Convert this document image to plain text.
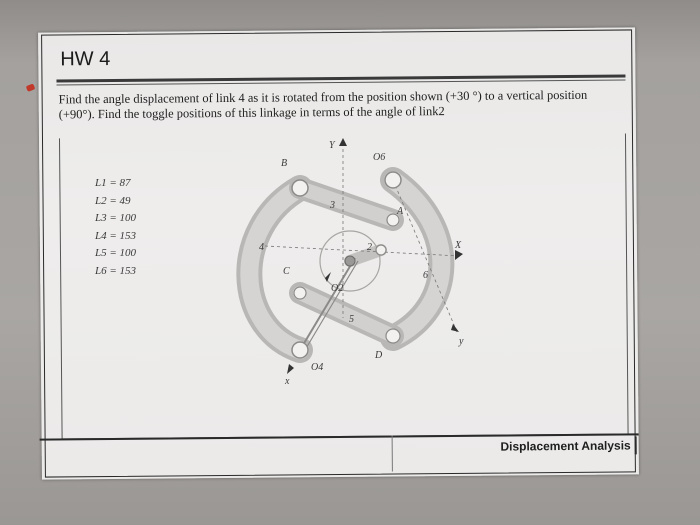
HW 4
Find the angle displacement of link 4 as it is rotated from the position shown (+30 °) to a vertical position (+90°). Find the toggle positions of this linkage in terms of the angle of link2
Displacement Analysis
L1 = 87
L2 = 49
L3 = 100
L4 = 153
L5 = 100
L6 = 153
B
Y
O6
3
A
4	2
C
X
6
O2
5
D
O4
x
y
